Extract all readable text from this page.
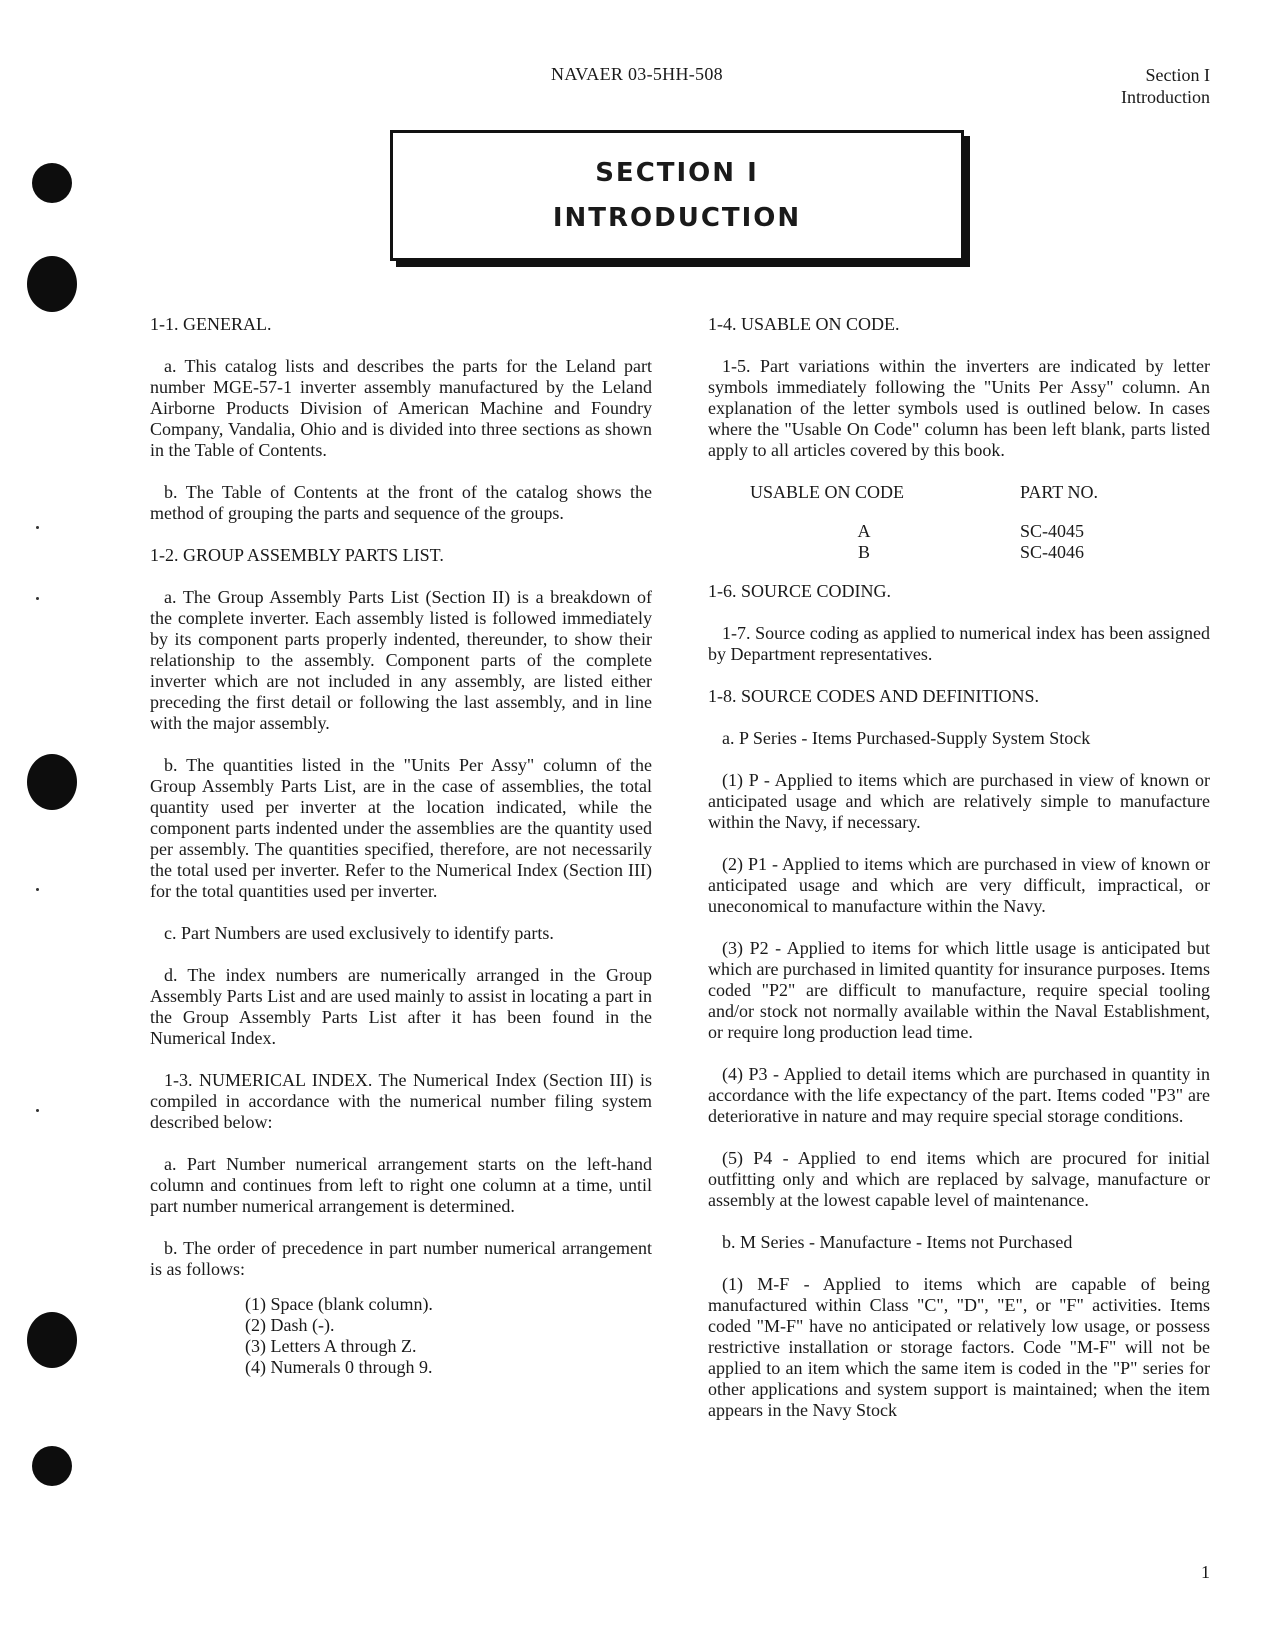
NAVAER 03-5HH-508	Section I
Introduction
SECTION I
INTRODUCTION

1-1. GENERAL.

a. This catalog lists and describes the parts for the Leland part number MGE-57-1 inverter assembly manufactured by the Leland Airborne Products Division of American Machine and Foundry Company, Vandalia, Ohio and is divided into three sections as shown in the Table of Contents.

b. The Table of Contents at the front of the catalog shows the method of grouping the parts and sequence of the groups.

1-2. GROUP ASSEMBLY PARTS LIST.

a. The Group Assembly Parts List (Section II) is a breakdown of the complete inverter. Each assembly listed is followed immediately by its component parts properly indented, thereunder, to show their relationship to the assembly. Component parts of the complete inverter which are not included in any assembly, are listed either preceding the first detail or following the last assembly, and in line with the major assembly.

b. The quantities listed in the "Units Per Assy" column of the Group Assembly Parts List, are in the case of assemblies, the total quantity used per inverter at the location indicated, while the component parts indented under the assemblies are the quantity used per assembly. The quantities specified, therefore, are not necessarily the total used per inverter. Refer to the Numerical Index (Section III) for the total quantities used per inverter.

c. Part Numbers are used exclusively to identify parts.

d. The index numbers are numerically arranged in the Group Assembly Parts List and are used mainly to assist in locating a part in the Group Assembly Parts List after it has been found in the Numerical Index.

1-3. NUMERICAL INDEX. The Numerical Index (Section III) is compiled in accordance with the numerical number filing system described below:

a. Part Number numerical arrangement starts on the left-hand column and continues from left to right one column at a time, until part number numerical arrangement is determined.

b. The order of precedence in part number numerical arrangement is as follows:

(1) Space (blank column).
(2) Dash (-).
(3) Letters A through Z.
(4) Numerals 0 through 9.

1-4. USABLE ON CODE.

1-5. Part variations within the inverters are indicated by letter symbols immediately following the "Units Per Assy" column. An explanation of the letter symbols used is outlined below. In cases where the "Usable On Code" column has been left blank, parts listed apply to all articles covered by this book.

USABLE ON CODE	PART NO.
A	SC-4045
B	SC-4046

1-6. SOURCE CODING.

1-7. Source coding as applied to numerical index has been assigned by Department representatives.

1-8. SOURCE CODES AND DEFINITIONS.

a. P Series - Items Purchased-Supply System Stock

(1) P - Applied to items which are purchased in view of known or anticipated usage and which are relatively simple to manufacture within the Navy, if necessary.

(2) P1 - Applied to items which are purchased in view of known or anticipated usage and which are very difficult, impractical, or uneconomical to manufacture within the Navy.

(3) P2 - Applied to items for which little usage is anticipated but which are purchased in limited quantity for insurance purposes. Items coded "P2" are difficult to manufacture, require special tooling and/or stock not normally available within the Naval Establishment, or require long production lead time.

(4) P3 - Applied to detail items which are purchased in quantity in accordance with the life expectancy of the part. Items coded "P3" are deteriorative in nature and may require special storage conditions.

(5) P4 - Applied to end items which are procured for initial outfitting only and which are replaced by salvage, manufacture or assembly at the lowest capable level of maintenance.

b. M Series - Manufacture - Items not Purchased

(1) M-F - Applied to items which are capable of being manufactured within Class "C", "D", "E", or "F" activities. Items coded "M-F" have no anticipated or relatively low usage, or possess restrictive installation or storage factors. Code "M-F" will not be applied to an item which the same item is coded in the "P" series for other applications and system support is maintained; when the item appears in the Navy Stock

1
